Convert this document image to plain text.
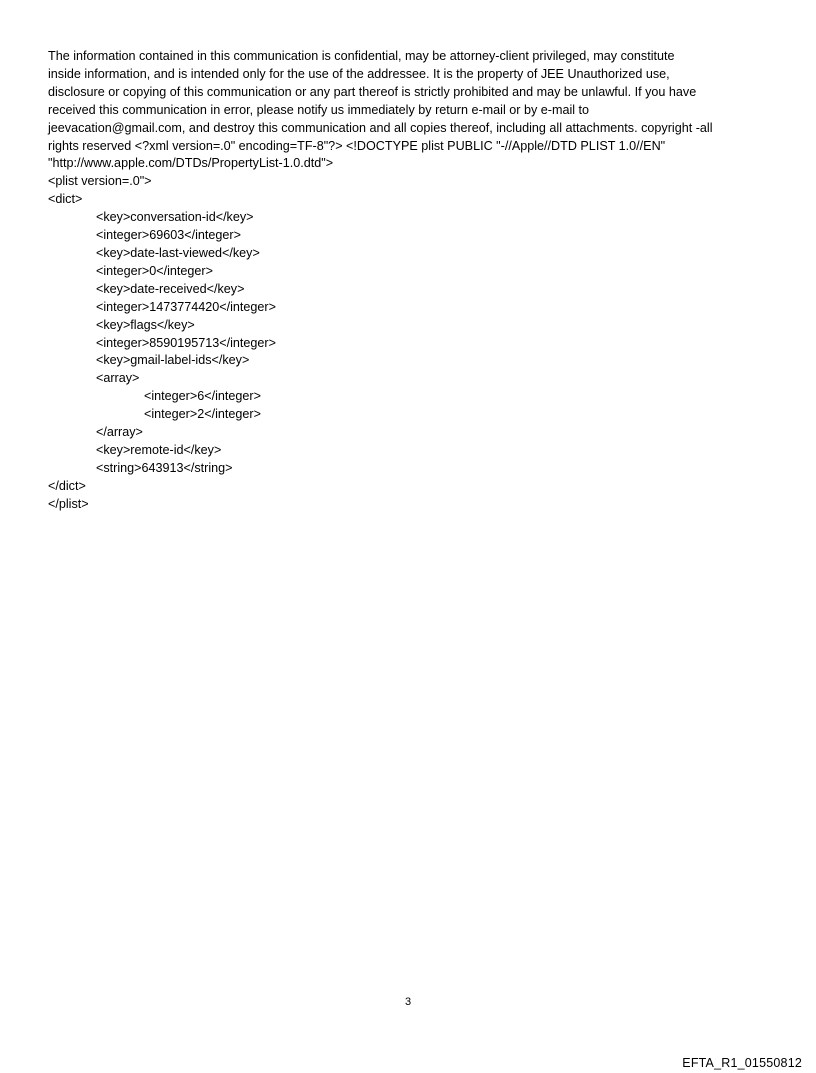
The information contained in this communication is confidential, may be attorney-client privileged, may constitute
inside information, and is intended only for the use of the addressee. It is the property of JEE Unauthorized use,
disclosure or copying of this communication or any part thereof is strictly prohibited and may be unlawful. If you have
received this communication in error, please notify us immediately by return e-mail or by e-mail to
jeevacation@gmail.com, and destroy this communication and all copies thereof, including all attachments. copyright -all
rights reserved <?xml version=.0" encoding=TF-8"?> <!DOCTYPE plist PUBLIC "-//Apple//DTD PLIST 1.0//EN"
"http://www.apple.com/DTDs/PropertyList-1.0.dtd">
<plist version=.0">
<dict>
<key>conversation-id</key>
<integer>69603</integer>
<key>date-last-viewed</key>
<integer>0</integer>
<key>date-received</key>
<integer>1473774420</integer>
<key>flags</key>
<integer>8590195713</integer>
<key>gmail-label-ids</key>
<array>
<integer>6</integer>
<integer>2</integer>
</array>
<key>remote-id</key>
<string>643913</string>
</dict>
</plist>
3
EFTA_R1_01550812
